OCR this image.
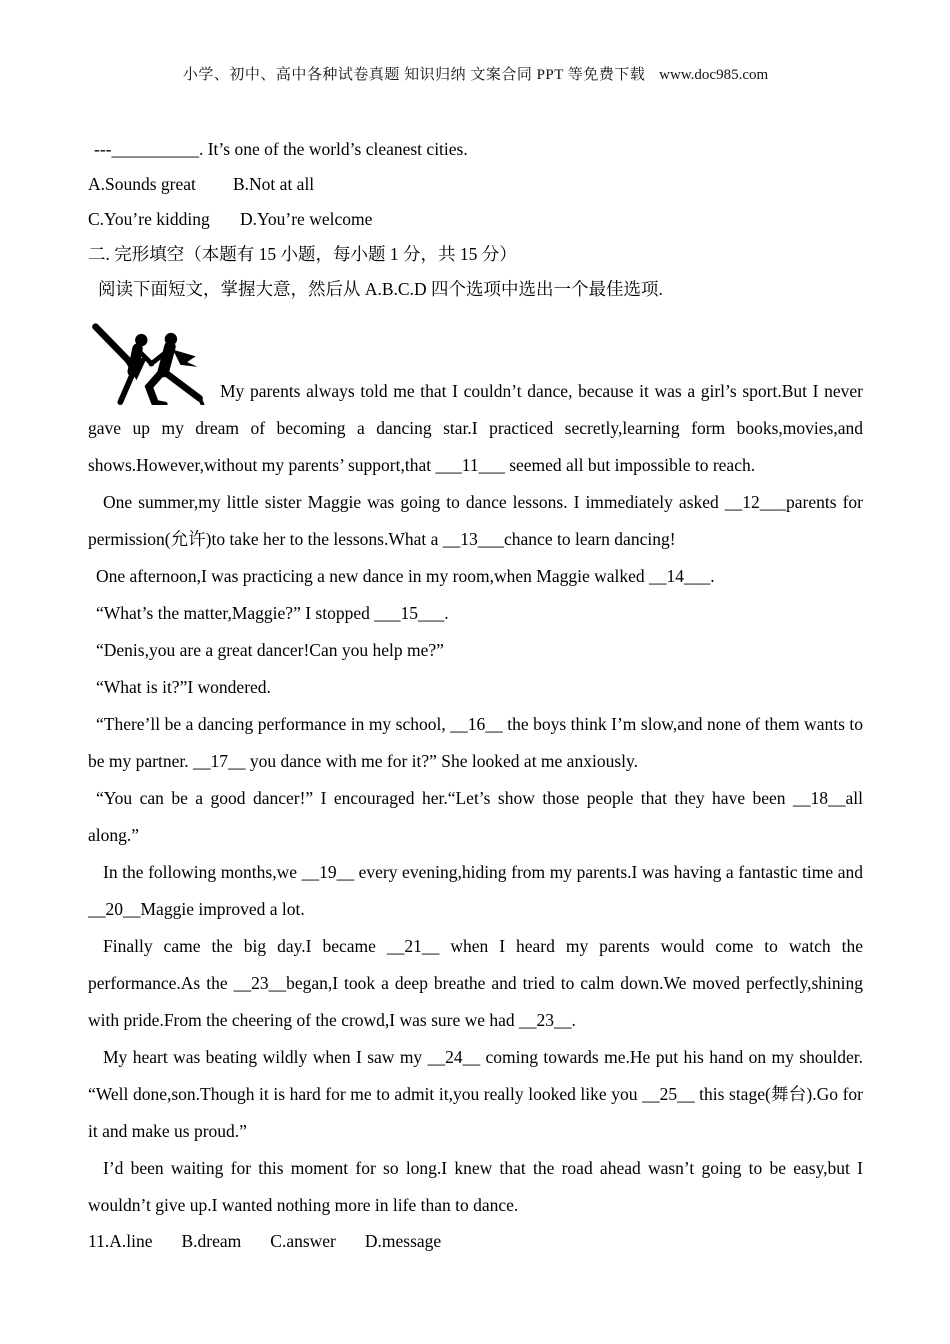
小学、初中、高中各种试卷真题 知识归纳 文案合同 PPT 等免费下载 www.doc985.com
---__________. It’s one of the world’s cleanest cities.
A.Sounds great	B.Not at all
C.You’re kidding	D.You’re welcome
二. 完形填空（本题有 15 小题，每小题 1 分，共 15 分）
阅读下面短文，掌握大意，然后从 A.B.C.D 四个选项中选出一个最佳选项.

My parents always told me that I couldn’t dance, because it was a girl’s sport.But I never gave up my dream of becoming a dancing star.I practiced secretly,learning form books,movies,and shows.However,without my parents’ support,that ___11___ seemed all but impossible to reach.

One summer,my little sister Maggie was going to dance lessons. I immediately asked __12___parents for permission(允许)to take her to the lessons.What a __13___chance to learn dancing!

One afternoon,I was practicing a new dance in my room,when Maggie walked __14___.

“What’s the matter,Maggie?” I stopped ___15___.

“Denis,you are a great dancer!Can you help me?”

“What is it?”I wondered.

“There’ll be a dancing performance in my school, __16__ the boys think I’m slow,and none of them wants to be my partner. __17__ you dance with me for it?” She looked at me anxiously.

“You can be a good dancer!” I encouraged her.“Let’s show those people that they have been __18__all along.”

In the following months,we __19__ every evening,hiding from my parents.I was having a fantastic time and __20__Maggie improved a lot.

Finally came the big day.I became __21__ when I heard my parents would come to watch the performance.As the __23__began,I took a deep breathe and tried to calm down.We moved perfectly,shining with pride.From the cheering of the crowd,I was sure we had __23__.

My heart was beating wildly when I saw my __24__ coming towards me.He put his hand on my shoulder. “Well done,son.Though it is hard for me to admit it,you really looked like you __25__ this stage(舞台).Go for it and make us proud.”

I’d been waiting for this moment for so long.I knew that the road ahead wasn’t going to be easy,but I wouldn’t give up.I wanted nothing more in life than to dance.

11.A.line B.dream C.answer D.message
